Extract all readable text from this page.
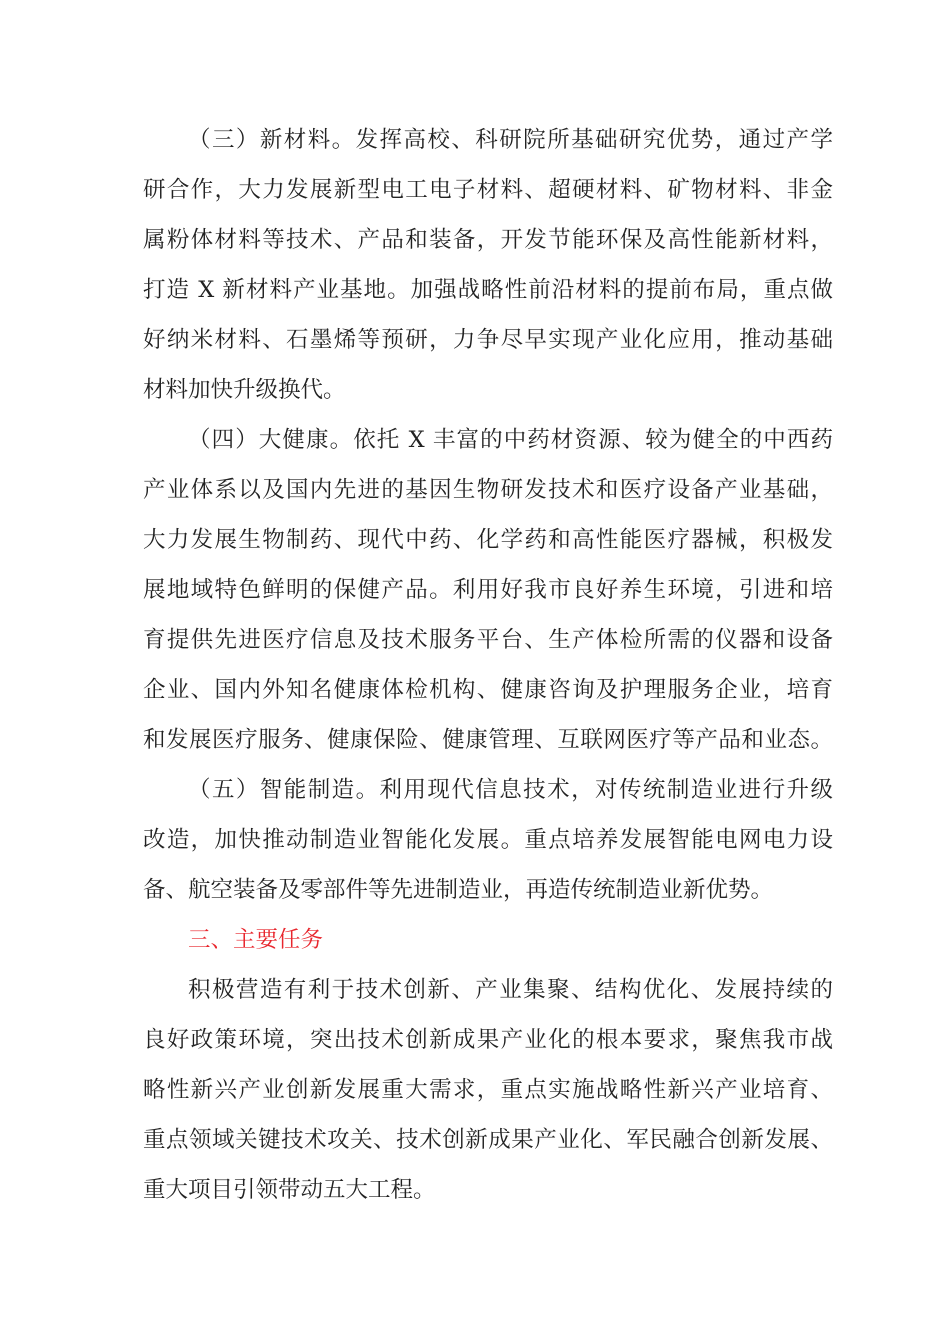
（三）新材料。发挥高校、科研院所基础研究优势，通过产学
研合作，大力发展新型电工电子材料、超硬材料、矿物材料、非金
属粉体材料等技术、产品和装备，开发节能环保及高性能新材料，
打造 X 新材料产业基地。加强战略性前沿材料的提前布局，重点做
好纳米材料、石墨烯等预研，力争尽早实现产业化应用，推动基础
材料加快升级换代。
（四）大健康。依托 X 丰富的中药材资源、较为健全的中西药
产业体系以及国内先进的基因生物研发技术和医疗设备产业基础，
大力发展生物制药、现代中药、化学药和高性能医疗器械，积极发
展地域特色鲜明的保健产品。利用好我市良好养生环境，引进和培
育提供先进医疗信息及技术服务平台、生产体检所需的仪器和设备
企业、国内外知名健康体检机构、健康咨询及护理服务企业，培育
和发展医疗服务、健康保险、健康管理、互联网医疗等产品和业态。
（五）智能制造。利用现代信息技术，对传统制造业进行升级
改造，加快推动制造业智能化发展。重点培养发展智能电网电力设
备、航空装备及零部件等先进制造业，再造传统制造业新优势。
三、主要任务
积极营造有利于技术创新、产业集聚、结构优化、发展持续的
良好政策环境，突出技术创新成果产业化的根本要求，聚焦我市战
略性新兴产业创新发展重大需求，重点实施战略性新兴产业培育、
重点领域关键技术攻关、技术创新成果产业化、军民融合创新发展、
重大项目引领带动五大工程。
